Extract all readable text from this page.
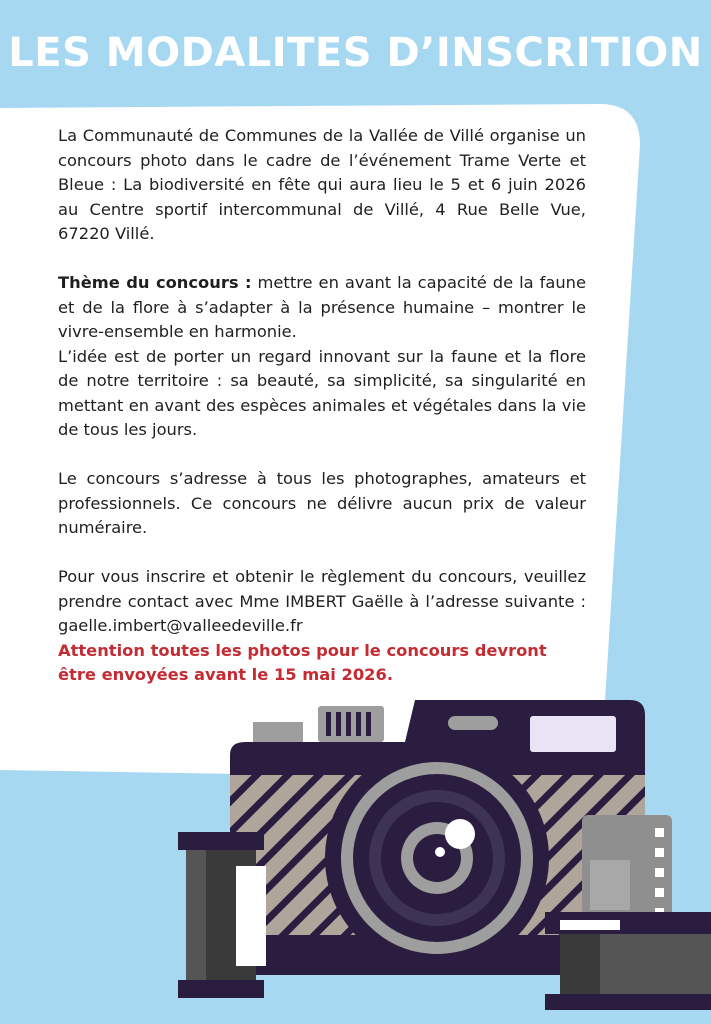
LES MODALITES D’INSCRITION

La Communauté de Communes de la Vallée de Villé organise un concours photo dans le cadre de l’événement Trame Verte et Bleue : La biodiversité en fête qui aura lieu le 5 et 6 juin 2026 au Centre sportif intercommunal de Villé, 4 Rue Belle Vue, 67220 Villé.

Thème du concours : mettre en avant la capacité de la faune et de la flore à s’adapter à la présence humaine – montrer le vivre-ensemble en harmonie.

L’idée est de porter un regard innovant sur la faune et la flore de notre territoire : sa beauté, sa simplicité, sa singularité en mettant en avant des espèces animales et végétales dans la vie de tous les jours.

Le concours s’adresse à tous les photographes, amateurs et professionnels. Ce concours ne délivre aucun prix de valeur numéraire.

Pour vous inscrire et obtenir le règlement du concours, veuillez prendre contact avec Mme IMBERT Gaëlle à l’adresse suivante : gaelle.imbert@valleedeville.fr

Attention toutes les photos pour le concours devront être envoyées avant le 15 mai 2026.
